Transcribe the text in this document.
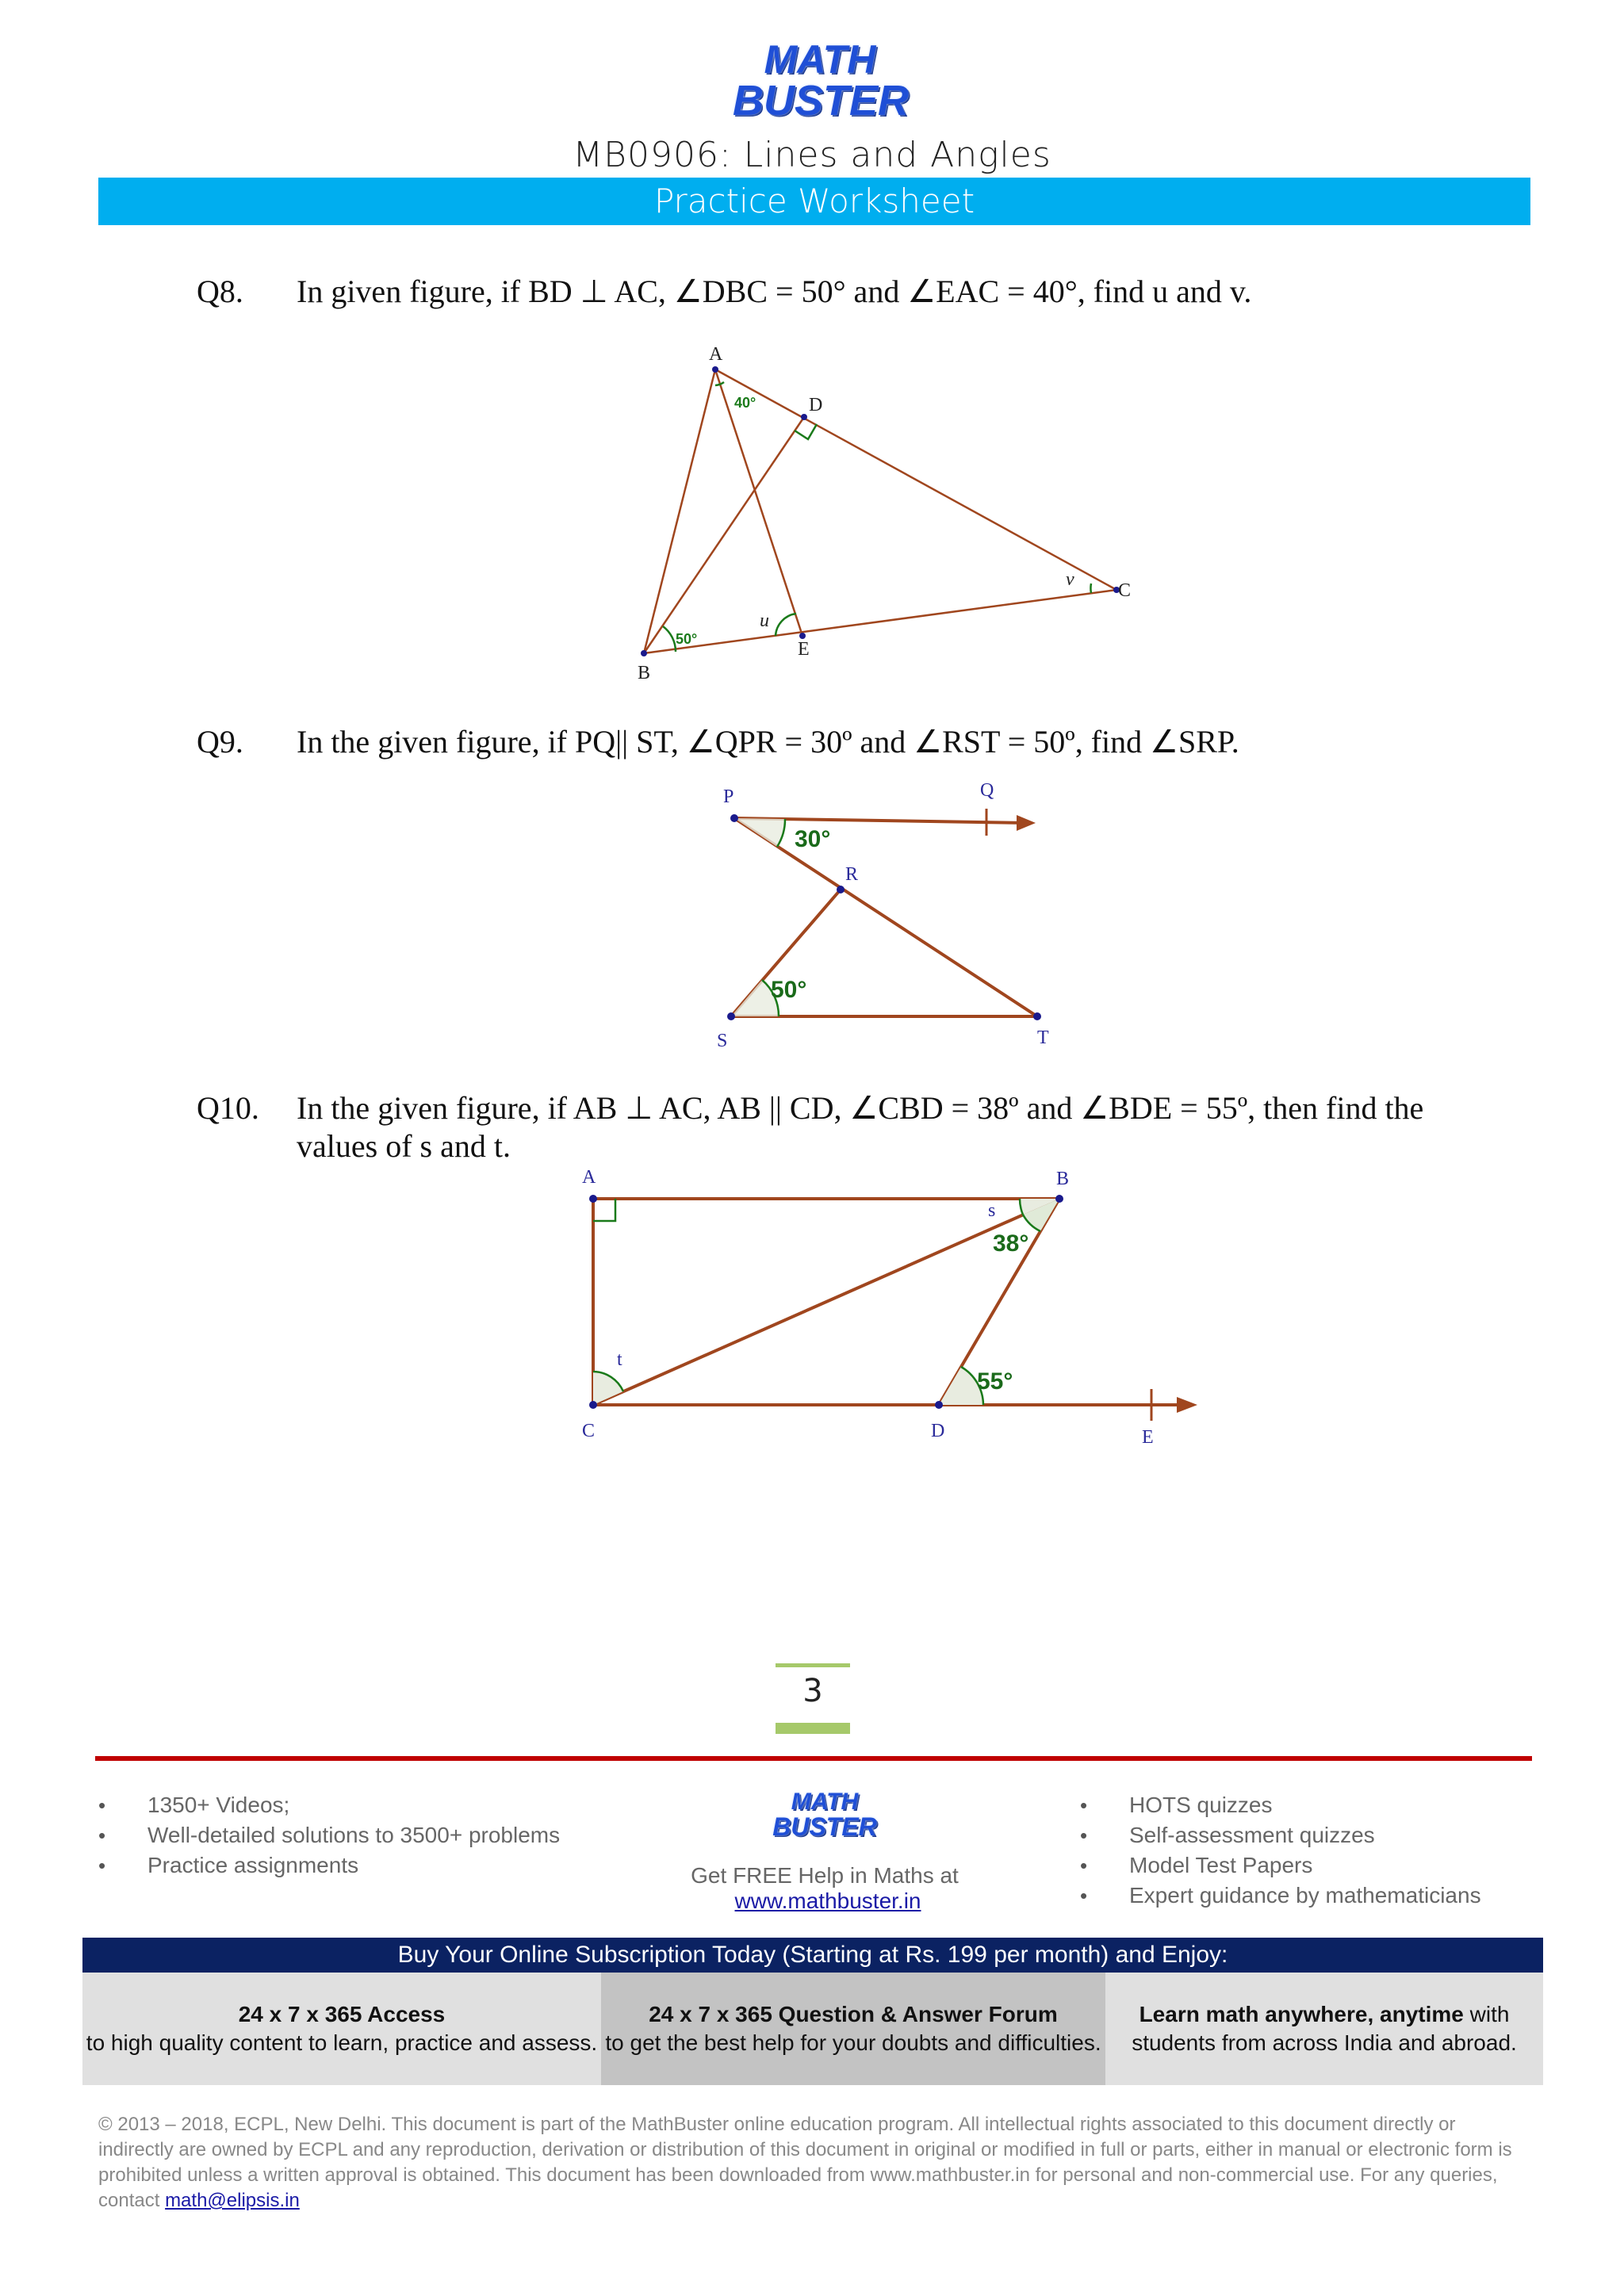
MATH
BUSTER
MB0906: Lines and Angles
Practice Worksheet
Q8. In given figure, if BD ⊥ AC, ∠DBC = 50° and ∠EAC = 40°, find u and v.
A
B
C
D
E
u
v
40°
50°
Q9. In the given figure, if PQ|| ST, ∠QPR = 30º and ∠RST = 50º, find ∠SRP.
P	Q
R
S	T
30°
50°
Q10. In the given figure, if AB ⊥ AC, AB || CD, ∠CBD = 38º and ∠BDE = 55º, then find the
values of s and t.
A	B
C	D	E
s
t
38°
55°
3
• 1350+ Videos;
• Well-detailed solutions to 3500+ problems
• Practice assignments
MATH
BUSTER
Get FREE Help in Maths at www.mathbuster.in
• HOTS quizzes
• Self-assessment quizzes
• Model Test Papers
• Expert guidance by mathematicians
Buy Your Online Subscription Today (Starting at Rs. 199 per month) and Enjoy:
24 x 7 x 365 Access
to high quality content to learn, practice and assess.
24 x 7 x 365 Question & Answer Forum
to get the best help for your doubts and difficulties.
Learn math anywhere, anytime with
students from across India and abroad.
© 2013 – 2018, ECPL, New Delhi. This document is part of the MathBuster online education program. All intellectual rights associated to this document directly or indirectly are owned by ECPL and any reproduction, derivation or distribution of this document in original or modified in full or parts, either in manual or electronic form is prohibited unless a written approval is obtained. This document has been downloaded from www.mathbuster.in for personal and non-commercial use. For any queries, contact math@elipsis.in
